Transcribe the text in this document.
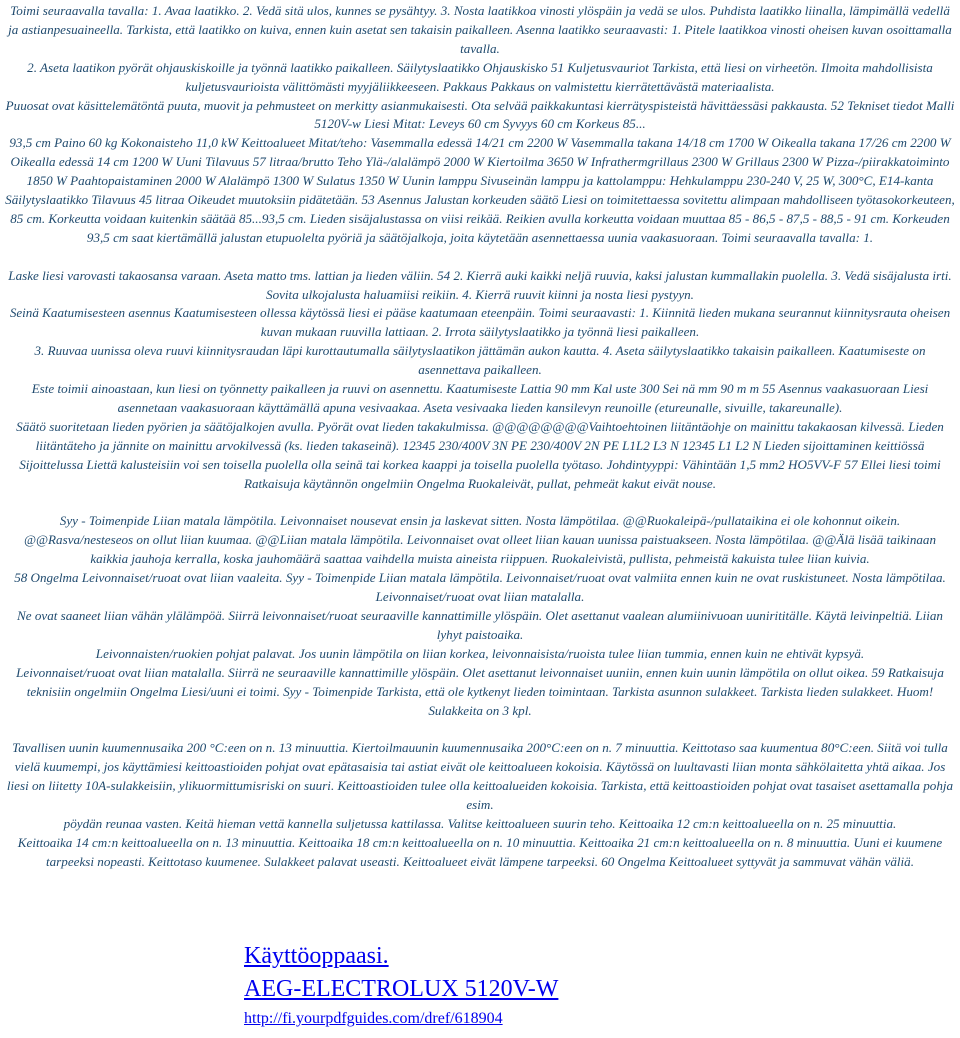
Toimi seuraavalla tavalla: 1. Avaa laatikko. 2. Vedä sitä ulos, kunnes se pysähtyy. 3. Nosta laatikkoa vinosti ylöspäin ja vedä se ulos. Puhdista laatikko liinalla, lämpimällä vedellä ja astianpesuaineella. Tarkista, että laatikko on kuiva, ennen kuin asetat sen takaisin paikalleen. Asenna laatikko seuraavasti: 1. Pitele laatikkoa vinosti oheisen kuvan osoittamalla tavalla.

2. Aseta laatikon pyörät ohjauskiskoille ja työnnä laatikko paikalleen. Säilytyslaatikko Ohjauskisko 51 Kuljetusvauriot Tarkista, että liesi on virheetön. Ilmoita mahdollisista kuljetusvaurioista välittömästi myyjäliikkeeseen. Pakkaus Pakkaus on valmistettu kierrätettävästä materiaalista.

Puuosat ovat käsittelemätöntä puuta, muovit ja pehmusteet on merkitty asianmukaisesti. Ota selvää paikkakuntasi kierrätyspisteistä hävittäessäsi pakkausta. 52 Tekniset tiedot Malli 5120V-w Liesi Mitat: Leveys 60 cm Syvyys 60 cm Korkeus 85...

93,5 cm Paino 60 kg Kokonaisteho 11,0 kW Keittoalueet Mitat/teho: Vasemmalla edessä 14/21 cm 2200 W Vasemmalla takana 14/18 cm 1700 W Oikealla takana 17/26 cm 2200 W Oikealla edessä 14 cm 1200 W Uuni Tilavuus 57 litraa/brutto Teho Ylä-/alalämpö 2000 W Kiertoilma 3650 W Infrathermgrillaus 2300 W Grillaus 2300 W Pizza-/piirakkatoiminto 1850 W Paahtopaistaminen 2000 W Alalämpö 1300 W Sulatus 1350 W Uunin lamppu Sivuseinän lamppu ja kattolamppu: Hehkulamppu 230-240 V, 25 W, 300°C, E14-kanta Säilytyslaatikko Tilavuus 45 litraa Oikeudet muutoksiin pidätetään. 53 Asennus Jalustan korkeuden säätö Liesi on toimitettaessa sovitettu alimpaan mahdolliseen työtasokorkeuteen, 85 cm. Korkeutta voidaan kuitenkin säätää 85...93,5 cm. Lieden sisäjalustassa on viisi reikää. Reikien avulla korkeutta voidaan muuttaa 85 - 86,5 - 87,5 - 88,5 - 91 cm. Korkeuden 93,5 cm saat kiertämällä jalustan etupuolelta pyöriä ja säätöjalkoja, joita käytetään asennettaessa uunia vaakasuoraan. Toimi seuraavalla tavalla: 1.

Laske liesi varovasti takaosansa varaan. Aseta matto tms. lattian ja lieden väliin. 54 2. Kierrä auki kaikki neljä ruuvia, kaksi jalustan kummallakin puolella. 3. Vedä sisäjalusta irti. Sovita ulkojalusta haluamiisi reikiin. 4. Kierrä ruuvit kiinni ja nosta liesi pystyyn.

Seinä Kaatumisesteen asennus Kaatumisesteen ollessa käytössä liesi ei pääse kaatumaan eteenpäin. Toimi seuraavasti: 1. Kiinnitä lieden mukana seurannut kiinnitysrauta oheisen kuvan mukaan ruuvilla lattiaan. 2. Irrota säilytyslaatikko ja työnnä liesi paikalleen.

3. Ruuvaa uunissa oleva ruuvi kiinnitysraudan läpi kurottautumalla säilytyslaatikon jättämän aukon kautta. 4. Aseta säilytyslaatikko takaisin paikalleen. Kaatumiseste on asennettava paikalleen.

Este toimii ainoastaan, kun liesi on työnnetty paikalleen ja ruuvi on asennettu. Kaatumiseste Lattia 90 mm Kal uste 300 Sei nä mm 90 m m 55 Asennus vaakasuoraan Liesi asennetaan vaakasuoraan käyttämällä apuna vesivaakaa. Aseta vesivaaka lieden kansilevyn reunoille (etureunalle, sivuille, takareunalle).

Säätö suoritetaan lieden pyörien ja säätöjalkojen avulla. Pyörät ovat lieden takakulmissa. @@@@@@@@Vaihtoehtoinen liitäntäohje on mainittu takakaosan kilvessä. Lieden liitäntäteho ja jännite on mainittu arvokilvessä (ks. lieden takaseinä). 12345 230/400V 3N PE 230/400V 2N PE L1L2 L3 N 12345 L1 L2 N Lieden sijoittaminen keittiössä Sijoittelussa Liettä kalusteisiin voi sen toisella puolella olla seinä tai korkea kaappi ja toisella puolella työtaso. Johdintyyppi: Vähintään 1,5 mm2 HO5VV-F 57 Ellei liesi toimi Ratkaisuja käytännön ongelmiin Ongelma Ruokaleivät, pullat, pehmeät kakut eivät nouse.

Syy - Toimenpide Liian matala lämpötila. Leivonnaiset nousevat ensin ja laskevat sitten. Nosta lämpötilaa. @@Ruokaleipä-/pullataikina ei ole kohonnut oikein. @@Rasva/nesteseos on ollut liian kuumaa. @@Liian matala lämpötila. Leivonnaiset ovat olleet liian kauan uunissa paistuakseen. Nosta lämpötilaa. @@Älä lisää taikinaan kaikkia jauhoja kerralla, koska jauhomäärä saattaa vaihdella muista aineista riippuen. Ruokaleivistä, pullista, pehmeistä kakuista tulee liian kuivia.

58 Ongelma Leivonnaiset/ruoat ovat liian vaaleita. Syy - Toimenpide Liian matala lämpötila. Leivonnaiset/ruoat ovat valmiita ennen kuin ne ovat ruskistuneet. Nosta lämpötilaa. Leivonnaiset/ruoat ovat liian matalalla.

Ne ovat saaneet liian vähän ylälämpöä. Siirrä leivonnaiset/ruoat seuraaville kannattimille ylöspäin. Olet asettanut vaalean alumiinivuoan uunirititälle. Käytä leivinpeltiä. Liian lyhyt paistoaika.

Leivonnaisten/ruokien pohjat palavat. Jos uunin lämpötila on liian korkea, leivonnaisista/ruoista tulee liian tummia, ennen kuin ne ehtivät kypsyä.

Leivonnaiset/ruoat ovat liian matalalla. Siirrä ne seuraaville kannattimille ylöspäin. Olet asettanut leivonnaiset uuniin, ennen kuin uunin lämpötila on ollut oikea. 59 Ratkaisuja teknisiin ongelmiin Ongelma Liesi/uuni ei toimi. Syy - Toimenpide Tarkista, että ole kytkenyt lieden toimintaan. Tarkista asunnon sulakkeet. Tarkista lieden sulakkeet. Huom! Sulakkeita on 3 kpl.

Tavallisen uunin kuumennusaika 200 °C:een on n. 13 minuuttia. Kiertoilmauunin kuumennusaika 200°C:een on n. 7 minuuttia. Keittotaso saa kuumentua 80°C:een. Siitä voi tulla vielä kuumempi, jos käyttämiesi keittoastioiden pohjat ovat epätasaisia tai astiat eivät ole keittoalueen kokoisia. Käytössä on luultavasti liian monta sähkölaitetta yhtä aikaa. Jos liesi on liitetty 10A-sulakkeisiin, ylikuormittumisriski on suuri. Keittoastioiden tulee olla keittoalueiden kokoisia. Tarkista, että keittoastioiden pohjat ovat tasaiset asettamalla pohja esim.

pöydän reunaa vasten. Keitä hieman vettä kannella suljetussa kattilassa. Valitse keittoalueen suurin teho. Keittoaika 12 cm:n keittoalueella on n. 25 minuuttia.

Keittoaika 14 cm:n keittoalueella on n. 13 minuuttia. Keittoaika 18 cm:n keittoalueella on n. 10 minuuttia. Keittoaika 21 cm:n keittoalueella on n. 8 minuuttia. Uuni ei kuumene tarpeeksi nopeasti. Keittotaso kuumenee. Sulakkeet palavat useasti. Keittoalueet eivät lämpene tarpeeksi. 60 Ongelma Keittoalueet syttyvät ja sammuvat vähän väliä.

Käyttöoppaasi.
AEG-ELECTROLUX 5120V-W
http://fi.yourpdfguides.com/dref/618904
